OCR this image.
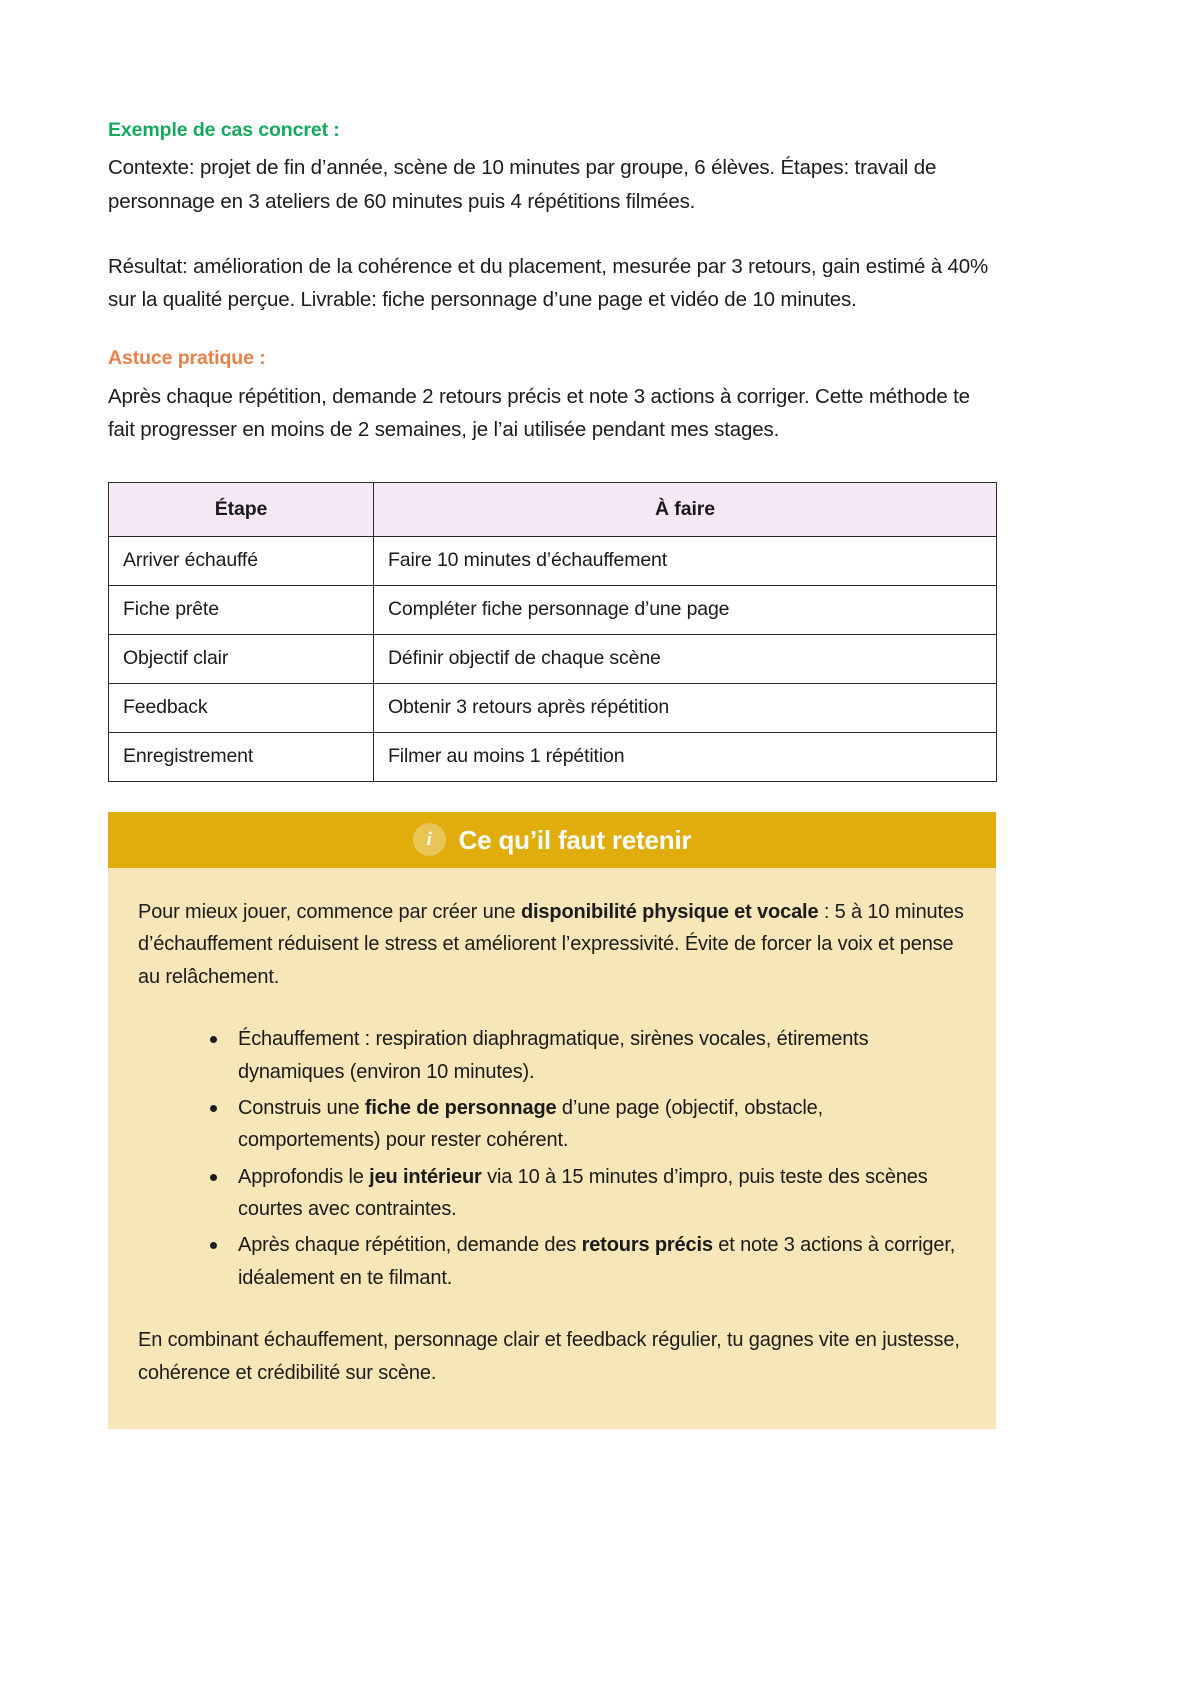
Exemple de cas concret :

Contexte: projet de fin d’année, scène de 10 minutes par groupe, 6 élèves. Étapes: travail de personnage en 3 ateliers de 60 minutes puis 4 répétitions filmées.

Résultat: amélioration de la cohérence et du placement, mesurée par 3 retours, gain estimé à 40% sur la qualité perçue. Livrable: fiche personnage d’une page et vidéo de 10 minutes.

Astuce pratique :

Après chaque répétition, demande 2 retours précis et note 3 actions à corriger. Cette méthode te fait progresser en moins de 2 semaines, je l’ai utilisée pendant mes stages.

Étape	À faire
Arriver échauffé	Faire 10 minutes d’échauffement
Fiche prête	Compléter fiche personnage d’une page
Objectif clair	Définir objectif de chaque scène
Feedback	Obtenir 3 retours après répétition
Enregistrement	Filmer au moins 1 répétition
i	Ce qu’il faut retenir

Pour mieux jouer, commence par créer une disponibilité physique et vocale : 5 à 10 minutes d’échauffement réduisent le stress et améliorent l’expressivité. Évite de forcer la voix et pense au relâchement.

Échauffement : respiration diaphragmatique, sirènes vocales, étirements dynamiques (environ 10 minutes).
Construis une fiche de personnage d’une page (objectif, obstacle, comportements) pour rester cohérent.
Approfondis le jeu intérieur via 10 à 15 minutes d’impro, puis teste des scènes courtes avec contraintes.
Après chaque répétition, demande des retours précis et note 3 actions à corriger, idéalement en te filmant.

En combinant échauffement, personnage clair et feedback régulier, tu gagnes vite en justesse, cohérence et crédibilité sur scène.
